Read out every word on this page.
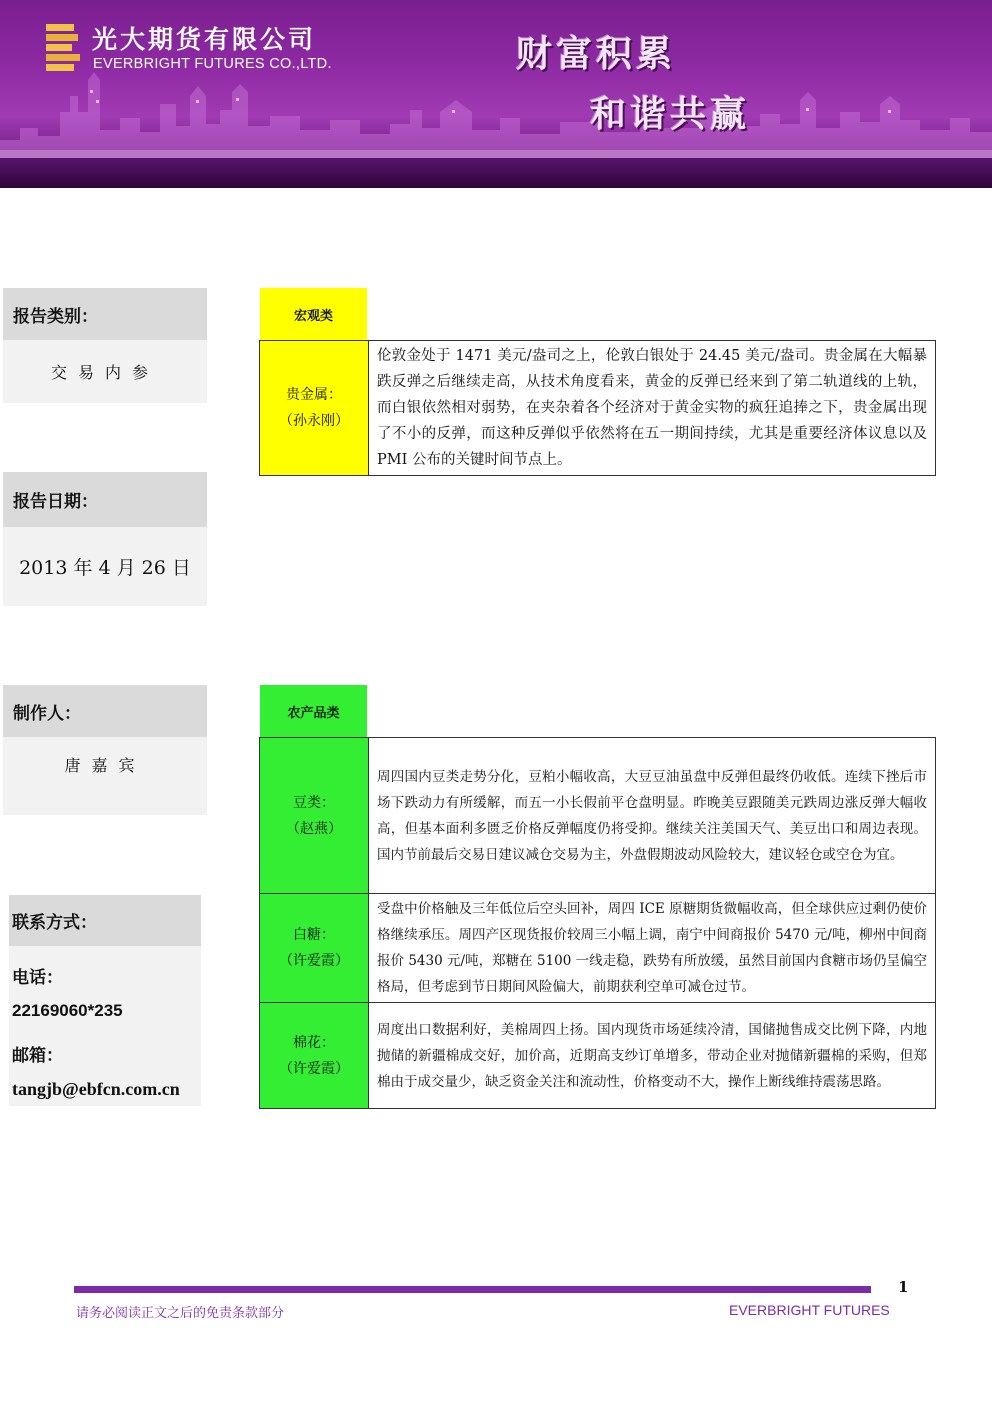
光大期货有限公司
EVERBRIGHT FUTURES CO.,LTD.	财富积累
和谐共赢
报告类别：
交易内参
报告日期：
2013 年 4 月 26 日
制作人：
唐嘉宾
联系方式：
电话：
22169060*235
邮箱：
tangjb@ebfcn.com.cn
宏观类
贵金属：
（孙永刚）
	伦敦金处于 1471 美元/盎司之上，伦敦白银处于 24.45 美元/盎司。贵金属在大幅暴跌反弹之后继续走高，从技术角度看来，黄金的反弹已经来到了第二轨道线的上轨，而白银依然相对弱势，在夹杂着各个经济对于黄金实物的疯狂追捧之下，贵金属出现了不小的反弹，而这种反弹似乎依然将在五一期间持续，尤其是重要经济体议息以及 PMI 公布的关键时间节点上。
农产品类
豆类：
（赵燕）	周四国内豆类走势分化，豆粕小幅收高，大豆豆油虽盘中反弹但最终仍收低。连续下挫后市场下跌动力有所缓解，而五一小长假前平仓盘明显。昨晚美豆跟随美元跌周边涨反弹大幅收高，但基本面利多匮乏价格反弹幅度仍将受抑。继续关注美国天气、美豆出口和周边表现。国内节前最后交易日建议减仓交易为主，外盘假期波动风险较大，建议轻仓或空仓为宜。

白糖：
（许爱霞）	受盘中价格触及三年低位后空头回补，周四 ICE 原糖期货微幅收高，但全球供应过剩仍使价格继续承压。周四产区现货报价较周三小幅上调，南宁中间商报价 5470 元/吨，柳州中间商报价 5430 元/吨，郑糖在 5100 一线走稳，跌势有所放缓，虽然目前国内食糖市场仍呈偏空格局，但考虑到节日期间风险偏大，前期获利空单可减仓过节。

棉花：
（许爱霞）	周度出口数据利好，美棉周四上扬。国内现货市场延续冷清，国储抛售成交比例下降，内地抛储的新疆棉成交好，加价高，近期高支纱订单增多，带动企业对抛储新疆棉的采购，但郑棉由于成交量少，缺乏资金关注和流动性，价格变动不大，操作上断线维持震荡思路。
1
请务必阅读正文之后的免责条款部分	EVERBRIGHT FUTURES
